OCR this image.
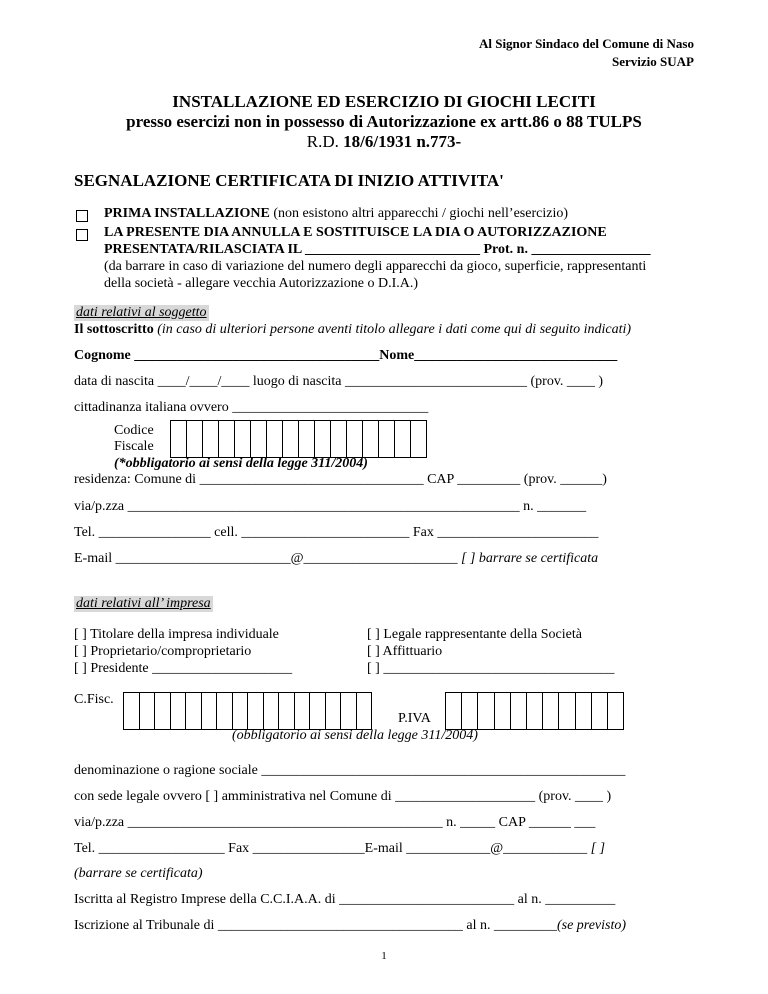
Al Signor Sindaco del Comune di Naso
Servizio SUAP
INSTALLAZIONE ED ESERCIZIO DI GIOCHI LECITI
presso esercizi non in possesso di Autorizzazione ex artt.86 o 88 TULPS
R.D. 18/6/1931 n.773-
SEGNALAZIONE CERTIFICATA DI INIZIO ATTIVITA'
PRIMA INSTALLAZIONE (non esistono altri apparecchi / giochi nell’esercizio)
LA PRESENTE DIA ANNULLA E SOSTITUISCE LA DIA O AUTORIZZAZIONE
PRESENTATA/RILASCIATA IL _________________________ Prot. n. _________________
(da barrare in caso di variazione del numero degli apparecchi da gioco, superficie, rappresentanti
della società - allegare vecchia Autorizzazione o D.I.A.)
dati relativi al soggetto
Il sottoscritto (in caso di ulteriori persone aventi titolo allegare i dati come qui di seguito indicati)
Cognome ___________________________________Nome_____________________________
data di nascita ____/____/____ luogo di nascita __________________________ (prov. ____ )
cittadinanza italiana ovvero ____________________________
Codice
Fiscale
(*obbligatorio ai sensi della legge 311/2004)
residenza: Comune di ________________________________ CAP _________ (prov. ______)
via/p.zza ________________________________________________________ n. _______
Tel. ________________ cell. ________________________ Fax _______________________
E-mail _________________________@______________________ [ ] barrare se certificata
dati relativi all’ impresa
[ ] Titolare della impresa individuale
[ ] Proprietario/comproprietario
[ ] Presidente ____________________
[ ] Legale rappresentante della Società
[ ] Affittuario
[ ] _________________________________
C.Fisc.
P.IVA
(obbligatorio ai sensi della legge 311/2004)
denominazione o ragione sociale ____________________________________________________
con sede legale ovvero [ ] amministrativa nel Comune di ____________________ (prov. ____ )
via/p.zza _____________________________________________ n. _____ CAP ______ ___
Tel. __________________ Fax ________________E-mail ____________@____________ [ ]
(barrare se certificata)
Iscritta al Registro Imprese della C.C.I.A.A. di _________________________ al n. __________
Iscrizione al Tribunale di ___________________________________ al n. _________(se previsto)
1
